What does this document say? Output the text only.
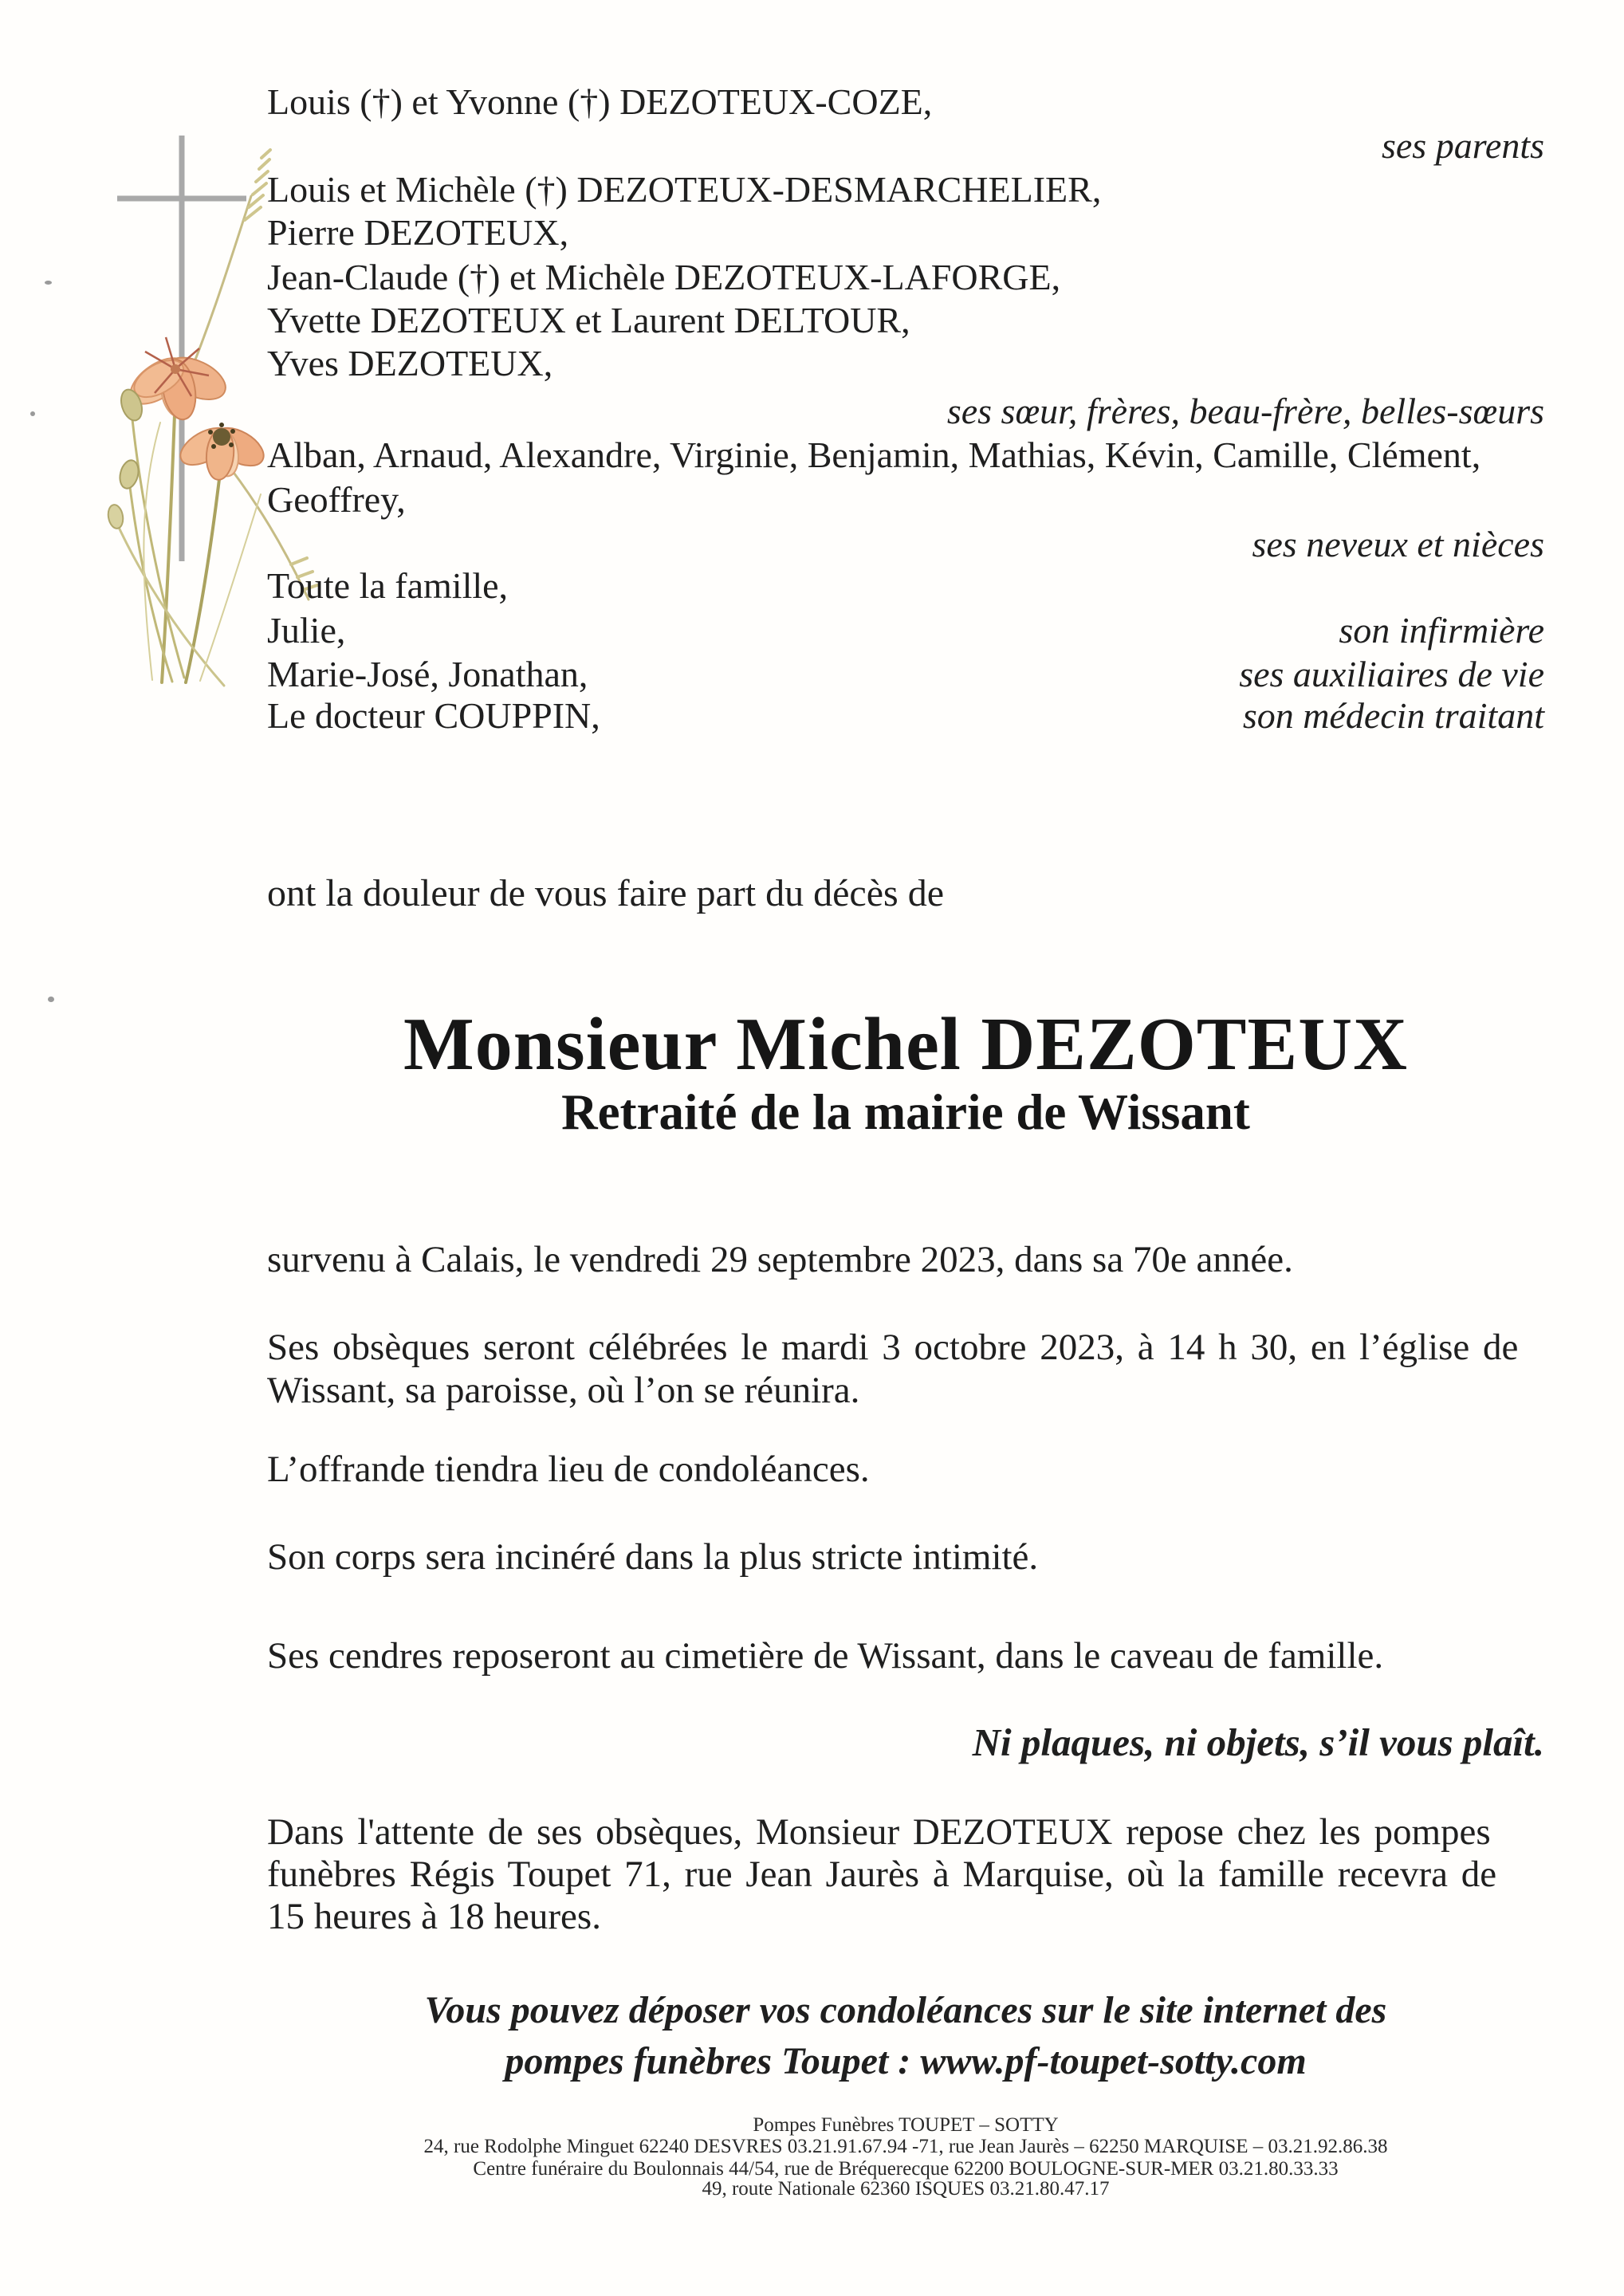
Louis (†) et Yvonne (†) DEZOTEUX-COZE,
ses parents
Louis et Michèle (†) DEZOTEUX-DESMARCHELIER,
Pierre DEZOTEUX,
Jean-Claude (†) et Michèle DEZOTEUX-LAFORGE,
Yvette DEZOTEUX et Laurent DELTOUR,
Yves DEZOTEUX,
ses sœur, frères, beau-frère, belles-sœurs
Alban, Arnaud, Alexandre, Virginie, Benjamin, Mathias, Kévin, Camille, Clément,
Geoffrey,
ses neveux et nièces
Toute la famille,
Julie,	son infirmière
Marie-José, Jonathan,	ses auxiliaires de vie
Le docteur COUPPIN,	son médecin traitant
ont la douleur de vous faire part du décès de
Monsieur Michel DEZOTEUX
Retraité de la mairie de Wissant
survenu à Calais, le vendredi 29 septembre 2023, dans sa 70e année.
Ses obsèques seront célébrées le mardi 3 octobre 2023, à 14 h 30, en l’église de
Wissant, sa paroisse, où l’on se réunira.
L’offrande tiendra lieu de condoléances.
Son corps sera incinéré dans la plus stricte intimité.
Ses cendres reposeront au cimetière de Wissant, dans le caveau de famille.
Ni plaques, ni objets, s’il vous plaît.
Dans l'attente de ses obsèques, Monsieur DEZOTEUX repose chez les pompes
funèbres Régis Toupet 71, rue Jean Jaurès à Marquise, où la famille recevra de
15 heures à 18 heures.
Vous pouvez déposer vos condoléances sur le site internet des
pompes funèbres Toupet : www.pf-toupet-sotty.com
Pompes Funèbres TOUPET – SOTTY
24, rue Rodolphe Minguet 62240 DESVRES 03.21.91.67.94 -71, rue Jean Jaurès – 62250 MARQUISE – 03.21.92.86.38
Centre funéraire du Boulonnais 44/54, rue de Bréquerecque 62200 BOULOGNE-SUR-MER 03.21.80.33.33
49, route Nationale 62360 ISQUES 03.21.80.47.17
